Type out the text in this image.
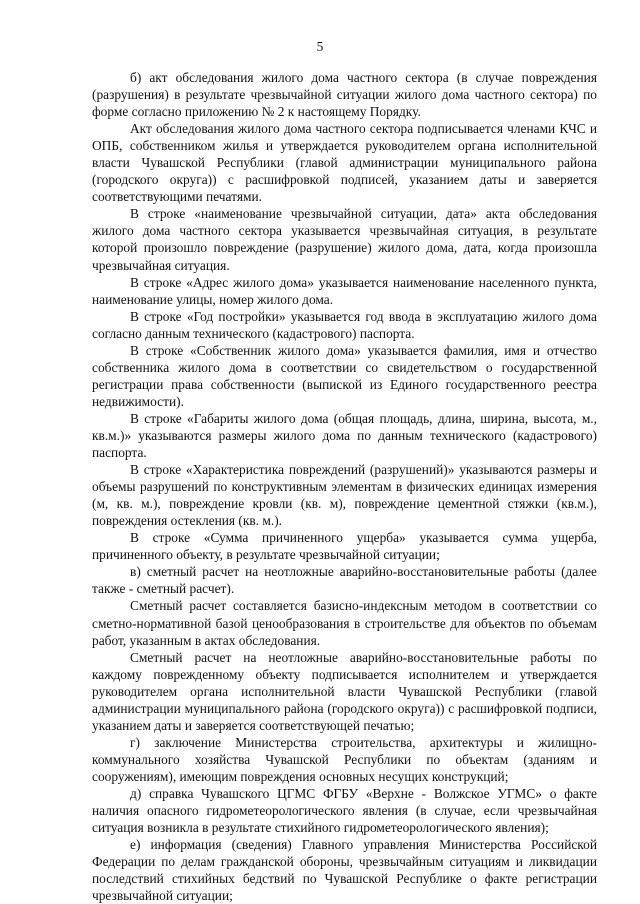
5

б) акт обследования жилого дома частного сектора (в случае повреждения (разрушения) в результате чрезвычайной ситуации жилого дома частного сектора) по форме согласно приложению № 2 к настоящему Порядку.

Акт обследования жилого дома частного сектора подписывается членами КЧС и ОПБ, собственником жилья и утверждается руководителем органа исполнительной власти Чувашской Республики (главой администрации муниципального района (городского округа)) с расшифровкой подписей, указанием даты и заверяется соответствующими печатями.

В строке «наименование чрезвычайной ситуации, дата» акта обследования жилого дома частного сектора указывается чрезвычайная ситуация, в результате которой произошло повреждение (разрушение) жилого дома, дата, когда произошла чрезвычайная ситуация.

В строке «Адрес жилого дома» указывается наименование населенного пункта, наименование улицы, номер жилого дома.

В строке «Год постройки» указывается год ввода в эксплуатацию жилого дома согласно данным технического (кадастрового) паспорта.

В строке «Собственник жилого дома» указывается фамилия, имя и отчество собственника жилого дома в соответствии со свидетельством о государственной регистрации права собственности (выпиской из Единого государственного реестра недвижимости).

В строке «Габариты жилого дома (общая площадь, длина, ширина, высота, м., кв.м.)» указываются размеры жилого дома по данным технического (кадастрового) паспорта.

В строке «Характеристика повреждений (разрушений)» указываются размеры и объемы разрушений по конструктивным элементам в физических единицах измерения (м, кв. м.), повреждение кровли (кв. м), повреждение цементной стяжки (кв.м.), повреждения остекления (кв. м.).

В строке «Сумма причиненного ущерба» указывается сумма ущерба, причиненного объекту, в результате чрезвычайной ситуации;

в) сметный расчет на неотложные аварийно-восстановительные работы (далее также - сметный расчет).

Сметный расчет составляется базисно-индексным методом в соответствии со сметно-нормативной базой ценообразования в строительстве для объектов по объемам работ, указанным в актах обследования.

Сметный расчет на неотложные аварийно-восстановительные работы по каждому поврежденному объекту подписывается исполнителем и утверждается руководителем органа исполнительной власти Чувашской Республики (главой администрации муниципального района (городского округа)) с расшифровкой подписи, указанием даты и заверяется соответствующей печатью;

г) заключение Министерства строительства, архитектуры и жилищно-коммунального хозяйства Чувашской Республики по объектам (зданиям и сооружениям), имеющим повреждения основных несущих конструкций;

д) справка Чувашского ЦГМС ФГБУ «Верхне - Волжское УГМС» о факте наличия опасного гидрометеорологического явления (в случае, если чрезвычайная ситуация возникла в результате стихийного гидрометеорологического явления);

е) информация (сведения) Главного управления Министерства Российской Федерации по делам гражданской обороны, чрезвычайным ситуациям и ликвидации последствий стихийных бедствий по Чувашской Республике о факте регистрации чрезвычайной ситуации;
